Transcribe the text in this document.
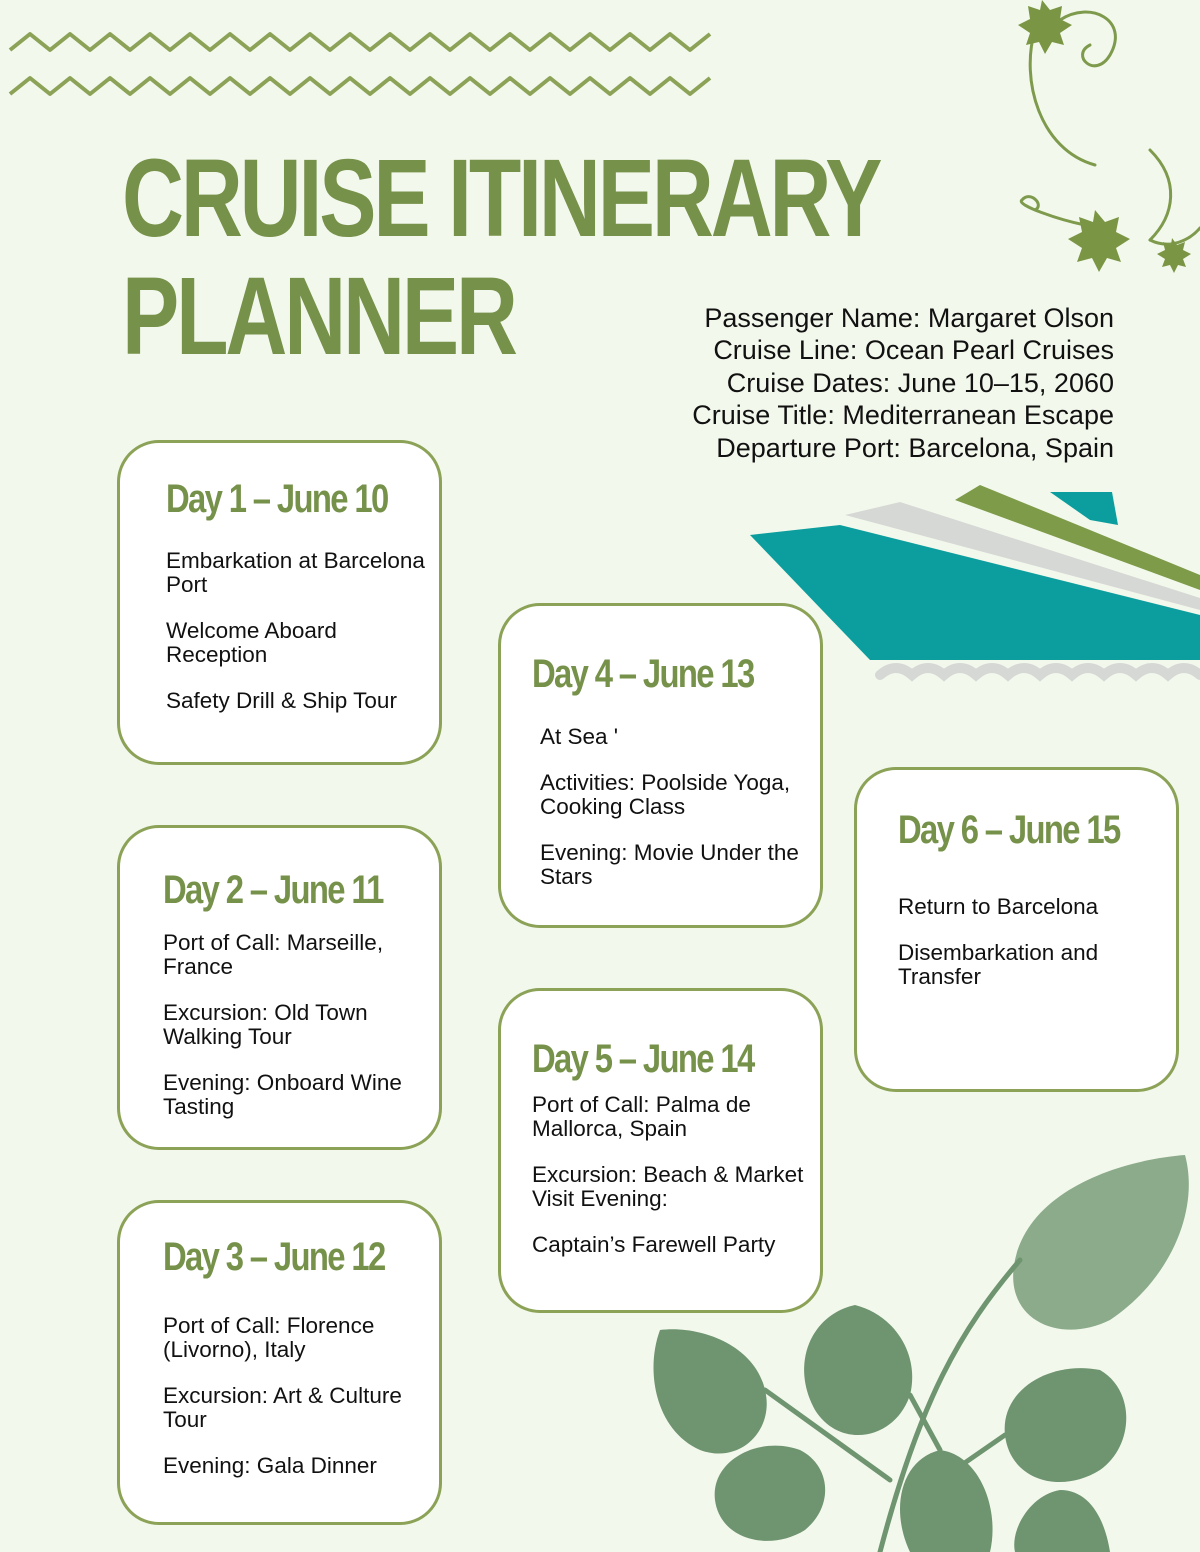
CRUISE ITINERARY
PLANNER	Passenger Name: Margaret Olson
Cruise Line: Ocean Pearl Cruises
Cruise Dates: June 10–15, 2060
Cruise Title: Mediterranean Escape
Departure Port: Barcelona, Spain
Day 1 – June 10
Embarkation at Barcelona Port
Welcome Aboard Reception
Safety Drill & Ship Tour
Day 2 – June 11
Port of Call: Marseille, France
Excursion: Old Town Walking Tour
Evening: Onboard Wine Tasting
Day 3 – June 12
Port of Call: Florence (Livorno), Italy
Excursion: Art & Culture Tour
Evening: Gala Dinner
Day 4 – June 13
At Sea '
Activities: Poolside Yoga, Cooking Class
Evening: Movie Under the Stars
Day 5 – June 14
Port of Call: Palma de Mallorca, Spain
Excursion: Beach & Market Visit Evening:
Captain’s Farewell Party
Day 6 – June 15
Return to Barcelona
Disembarkation and Transfer
